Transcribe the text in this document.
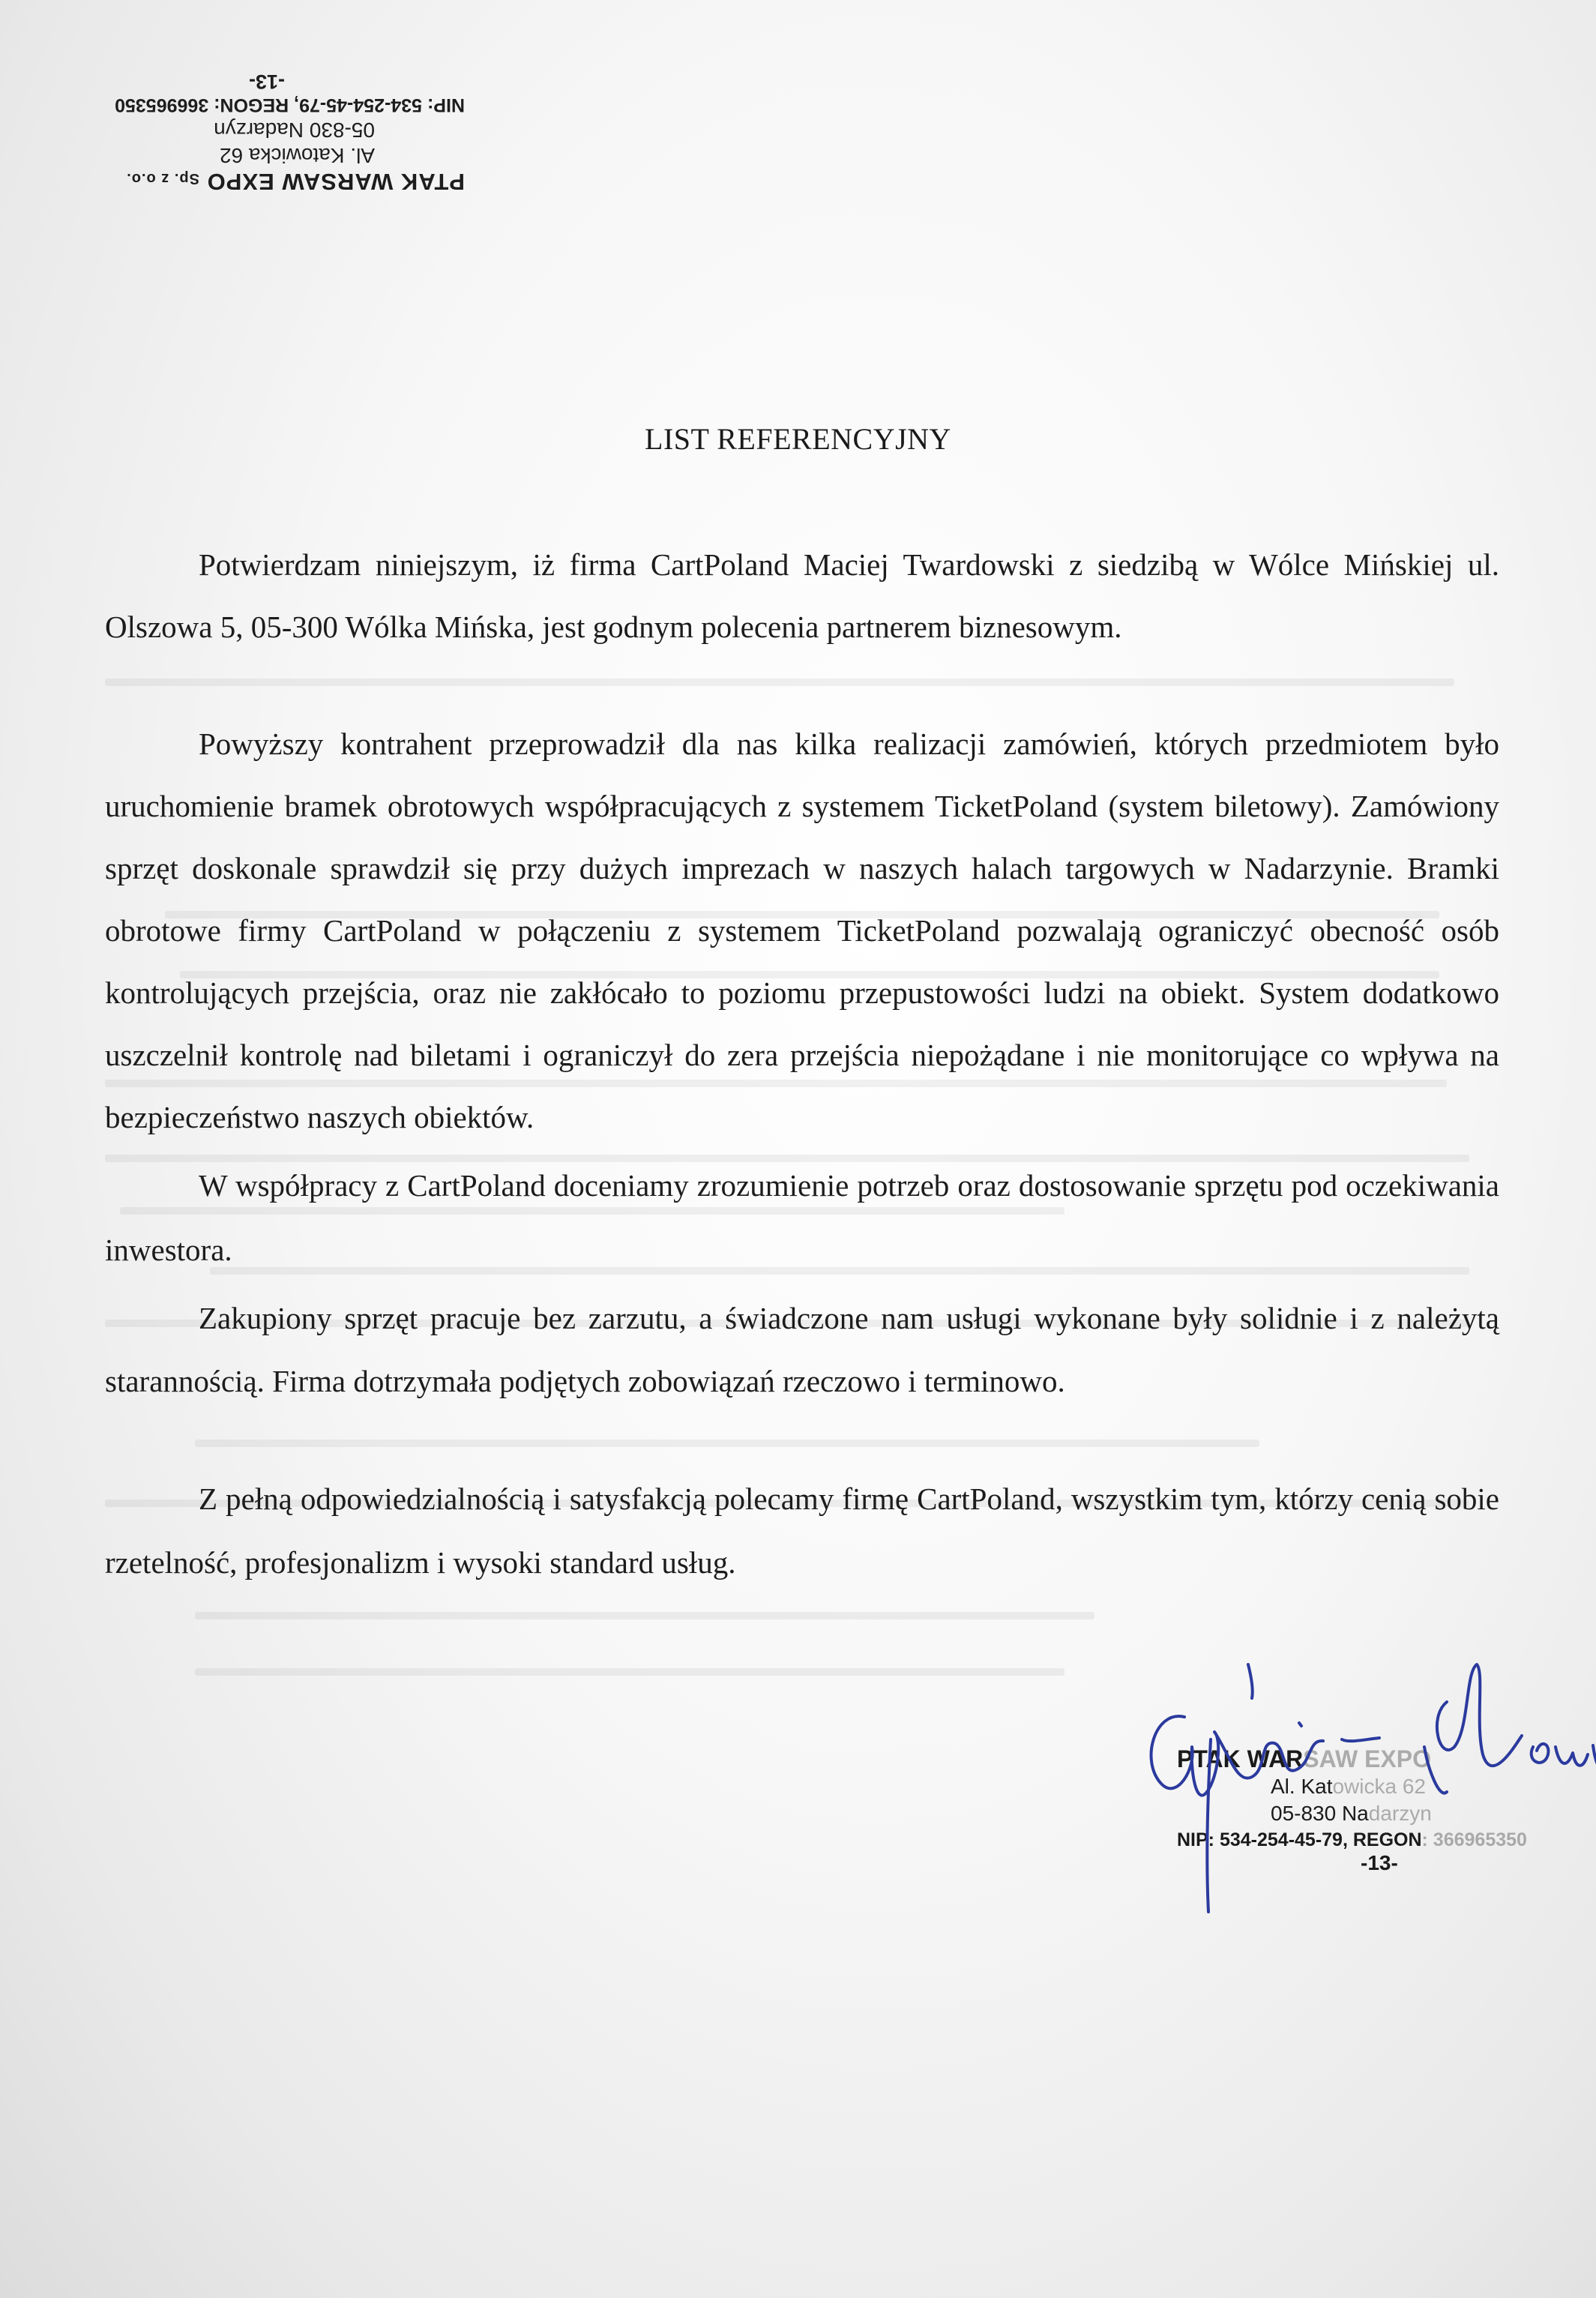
PTAK WARSAW EXPO Sp. z o.o.
Al. Katowicka 62
05-830 Nadarzyn
NIP: 534-254-45-79, REGON: 366965350
-13-
LIST REFERENCYJNY

Potwierdzam niniejszym, iż firma CartPoland Maciej Twardowski z siedzibą w Wólce Mińskiej ul. Olszowa 5, 05-300 Wólka Mińska, jest godnym polecenia partnerem biznesowym.

Powyższy kontrahent przeprowadził dla nas kilka realizacji zamówień, których przedmiotem było uruchomienie bramek obrotowych współpracujących z systemem TicketPoland (system biletowy). Zamówiony sprzęt doskonale sprawdził się przy dużych imprezach w naszych halach targowych w Nadarzynie. Bramki obrotowe firmy CartPoland w połączeniu z systemem TicketPoland pozwalają ograniczyć obecność osób kontrolujących przejścia, oraz nie zakłócało to poziomu przepustowości ludzi na obiekt. System dodatkowo uszczelnił kontrolę nad biletami i ograniczył do zera przejścia niepożądane i nie monitorujące co wpływa na bezpieczeństwo naszych obiektów.

W współpracy z CartPoland doceniamy zrozumienie potrzeb oraz dostosowanie sprzętu pod oczekiwania inwestora.

Zakupiony sprzęt pracuje bez zarzutu, a świadczone nam usługi wykonane były solidnie i z należytą starannością. Firma dotrzymała podjętych zobowiązań rzeczowo i terminowo.

Z pełną odpowiedzialnością i satysfakcją polecamy firmę CartPoland, wszystkim tym, którzy cenią sobie rzetelność, profesjonalizm i wysoki standard usług.

PTAK WARSAW EXPO
Al. Katowicka 62
05-830 Nadarzyn
NIP: 534-254-45-79, REGON: 366965350
-13-
